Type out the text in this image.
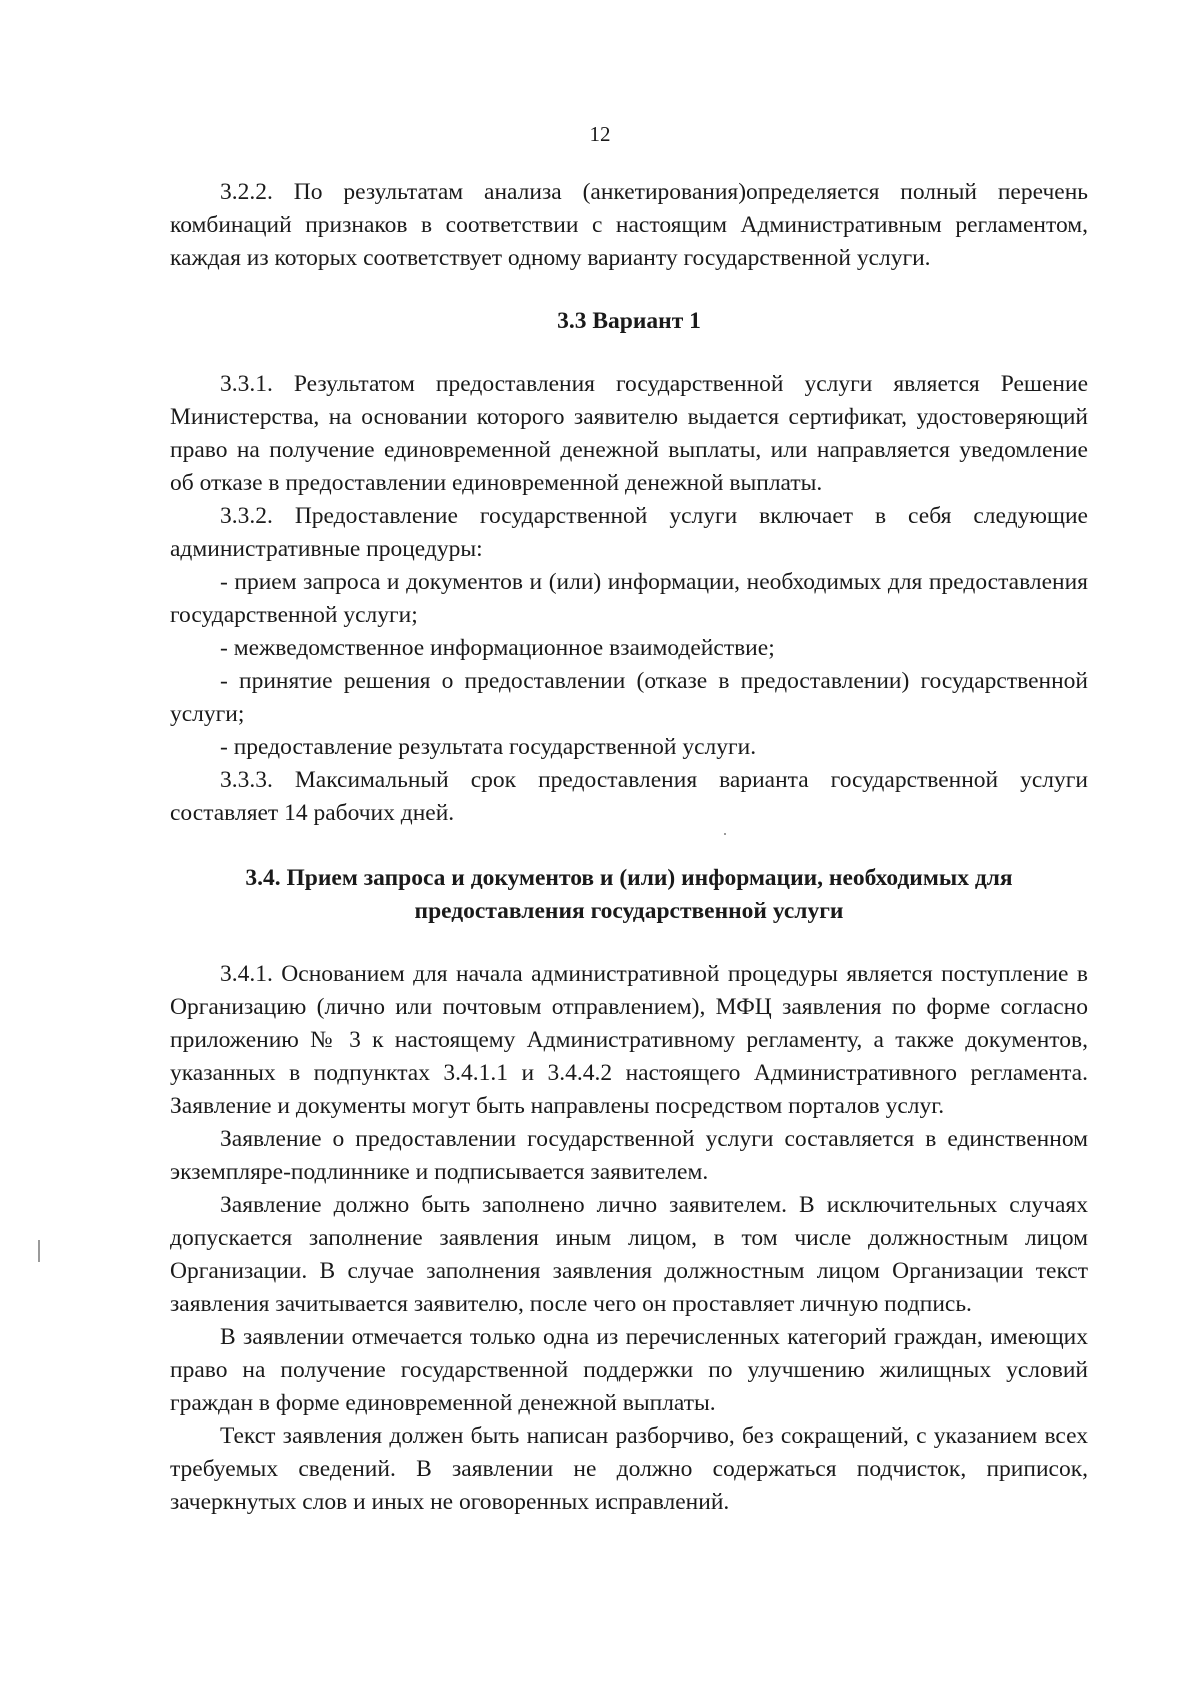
12

3.2.2. По результатам анализа (анкетирования)определяется полный перечень комбинаций признаков в соответствии с настоящим Административным регламентом, каждая из которых соответствует одному варианту государственной услуги.

3.3 Вариант 1

3.3.1. Результатом предоставления государственной услуги является Решение Министерства, на основании которого заявителю выдается сертификат, удостоверяющий право на получение единовременной денежной выплаты, или направляется уведомление об отказе в предоставлении единовременной денежной выплаты.

3.3.2. Предоставление государственной услуги включает в себя следующие административные процедуры:

- прием запроса и документов и (или) информации, необходимых для предоставления государственной услуги;

- межведомственное информационное взаимодействие;

- принятие решения о предоставлении (отказе в предоставлении) государственной услуги;

- предоставление результата государственной услуги.

3.3.3. Максимальный срок предоставления варианта государственной услуги составляет 14 рабочих дней.

3.4. Прием запроса и документов и (или) информации, необходимых для предоставления государственной услуги

3.4.1. Основанием для начала административной процедуры является поступление в Организацию (лично или почтовым отправлением), МФЦ заявления по форме согласно приложению № 3 к настоящему Административному регламенту, а также документов, указанных в подпунктах 3.4.1.1 и 3.4.4.2 настоящего Административного регламента. Заявление и документы могут быть направлены посредством порталов услуг.

Заявление о предоставлении государственной услуги составляется в единственном экземпляре-подлиннике и подписывается заявителем.

Заявление должно быть заполнено лично заявителем. В исключительных случаях допускается заполнение заявления иным лицом, в том числе должностным лицом Организации. В случае заполнения заявления должностным лицом Организации текст заявления зачитывается заявителю, после чего он проставляет личную подпись.

В заявлении отмечается только одна из перечисленных категорий граждан, имеющих право на получение государственной поддержки по улучшению жилищных условий граждан в форме единовременной денежной выплаты.

Текст заявления должен быть написан разборчиво, без сокращений, с указанием всех требуемых сведений. В заявлении не должно содержаться подчисток, приписок, зачеркнутых слов и иных не оговоренных исправлений.
